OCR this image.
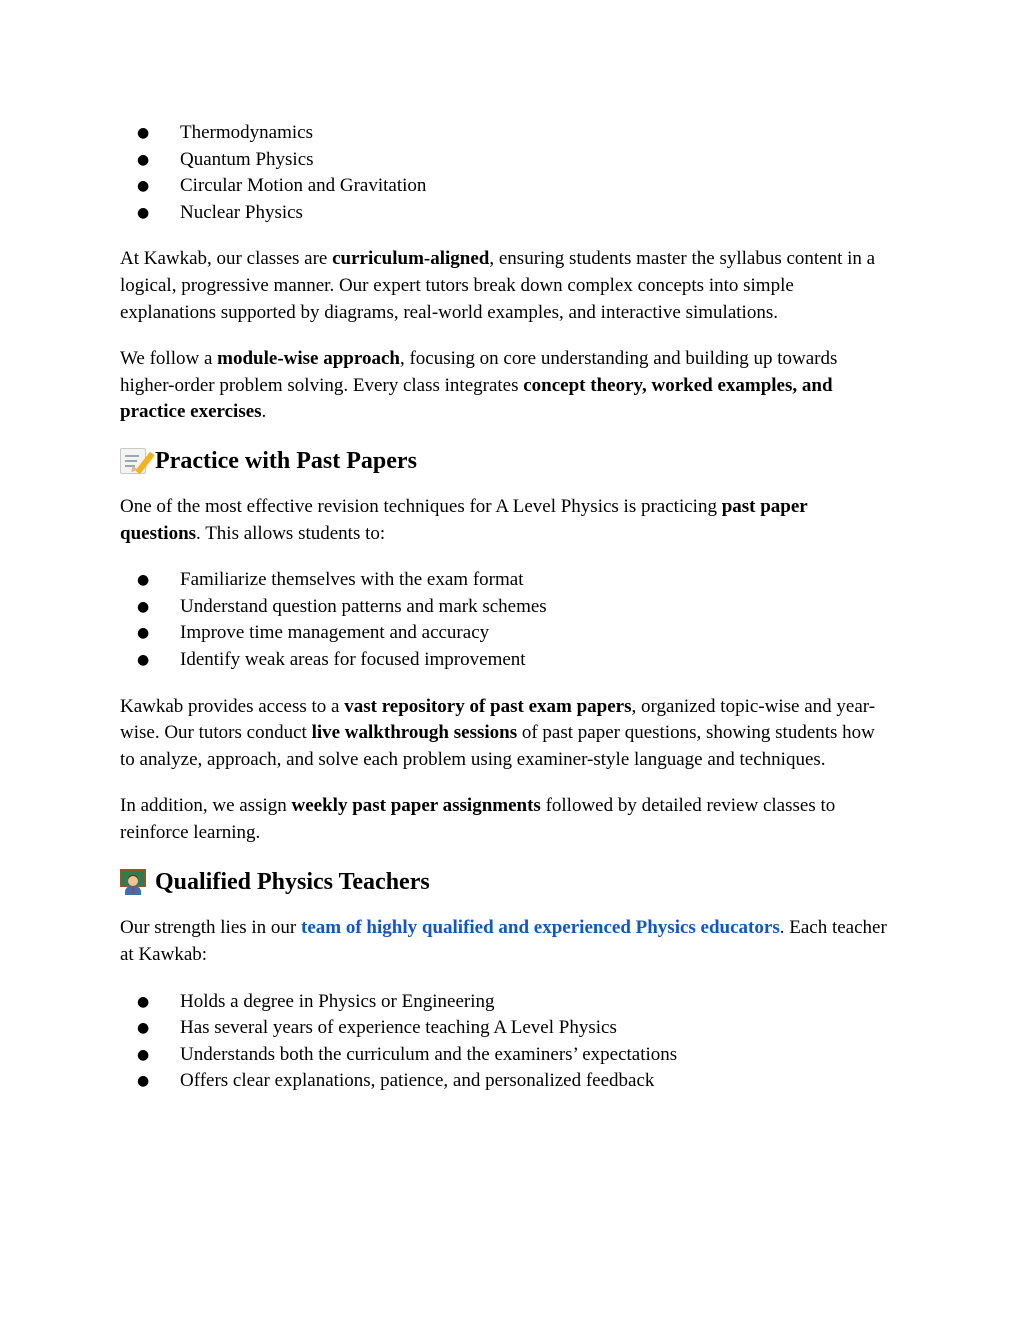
● Thermodynamics
● Quantum Physics
● Circular Motion and Gravitation
● Nuclear Physics

At Kawkab, our classes are curriculum-aligned, ensuring students master the syllabus content in a logical, progressive manner. Our expert tutors break down complex concepts into simple explanations supported by diagrams, real-world examples, and interactive simulations.

We follow a module-wise approach, focusing on core understanding and building up towards higher-order problem solving. Every class integrates concept theory, worked examples, and practice exercises.

Practice with Past Papers

One of the most effective revision techniques for A Level Physics is practicing past paper questions. This allows students to:

● Familiarize themselves with the exam format
● Understand question patterns and mark schemes
● Improve time management and accuracy
● Identify weak areas for focused improvement

Kawkab provides access to a vast repository of past exam papers, organized topic-wise and year-wise. Our tutors conduct live walkthrough sessions of past paper questions, showing students how to analyze, approach, and solve each problem using examiner-style language and techniques.

In addition, we assign weekly past paper assignments followed by detailed review classes to reinforce learning.

Qualified Physics Teachers

Our strength lies in our team of highly qualified and experienced Physics educators. Each teacher at Kawkab:

● Holds a degree in Physics or Engineering
● Has several years of experience teaching A Level Physics
● Understands both the curriculum and the examiners’ expectations
● Offers clear explanations, patience, and personalized feedback
